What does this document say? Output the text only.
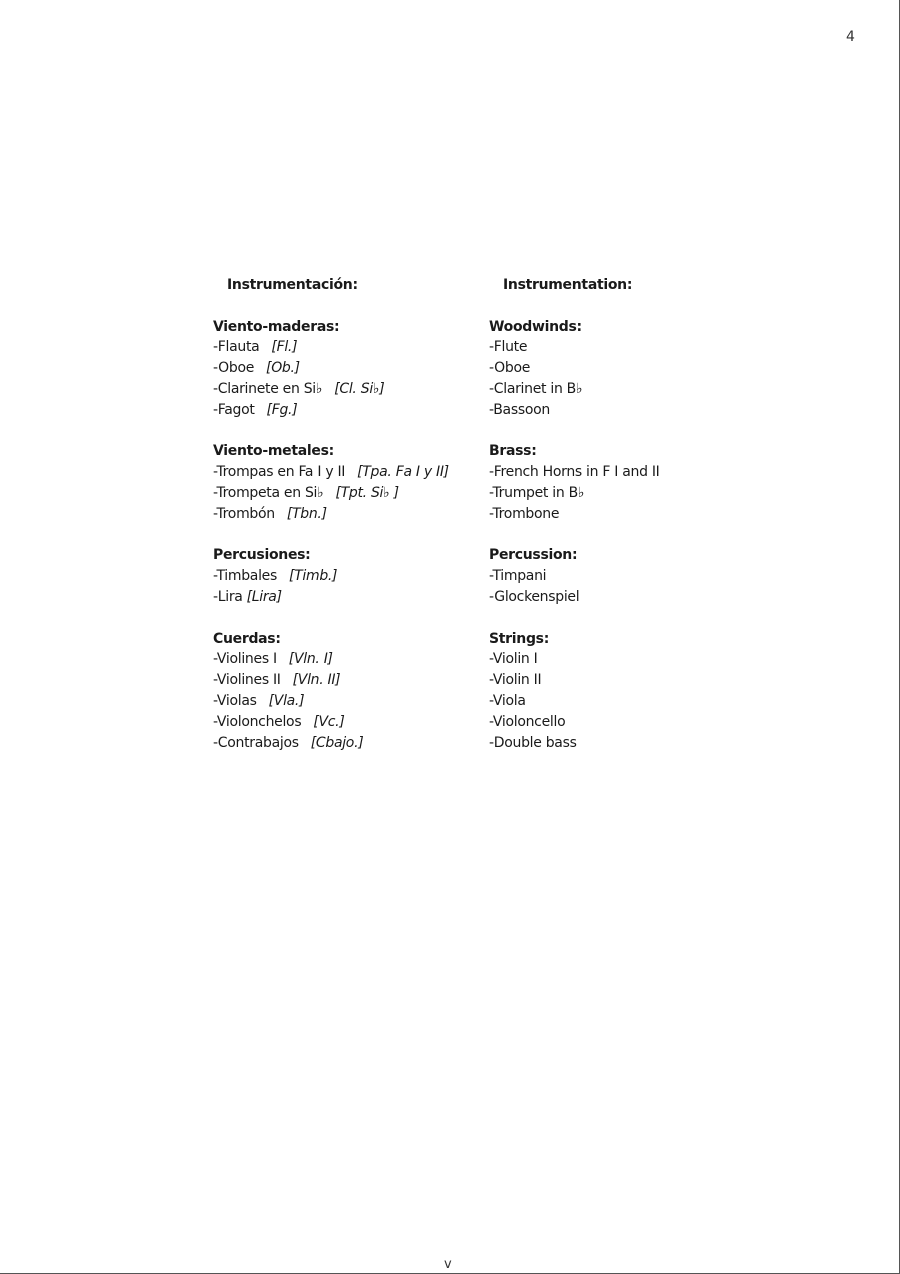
4
Instrumentación:
Viento-maderas:
-Flauta [Fl.]
-Oboe [Ob.]
-Clarinete en Si♭ [Cl. Si♭]
-Fagot [Fg.]
Viento-metales:
-Trompas en Fa I y II [Tpa. Fa I y II]
-Trompeta en Si♭ [Tpt. Si♭ ]
-Trombón [Tbn.]
Percusiones:
-Timbales [Timb.]
-Lira [Lira]
Cuerdas:
-Violines I [Vln. I]
-Violines II [Vln. II]
-Violas [Vla.]
-Violonchelos [Vc.]
-Contrabajos [Cbajo.]
Instrumentation:
Woodwinds:
-Flute
-Oboe
-Clarinet in B♭
-Bassoon
Brass:
-French Horns in F I and II
-Trumpet in B♭
-Trombone
Percussion:
-Timpani
-Glockenspiel
Strings:
-Violin I
-Violin II
-Viola
-Violoncello
-Double bass
v
